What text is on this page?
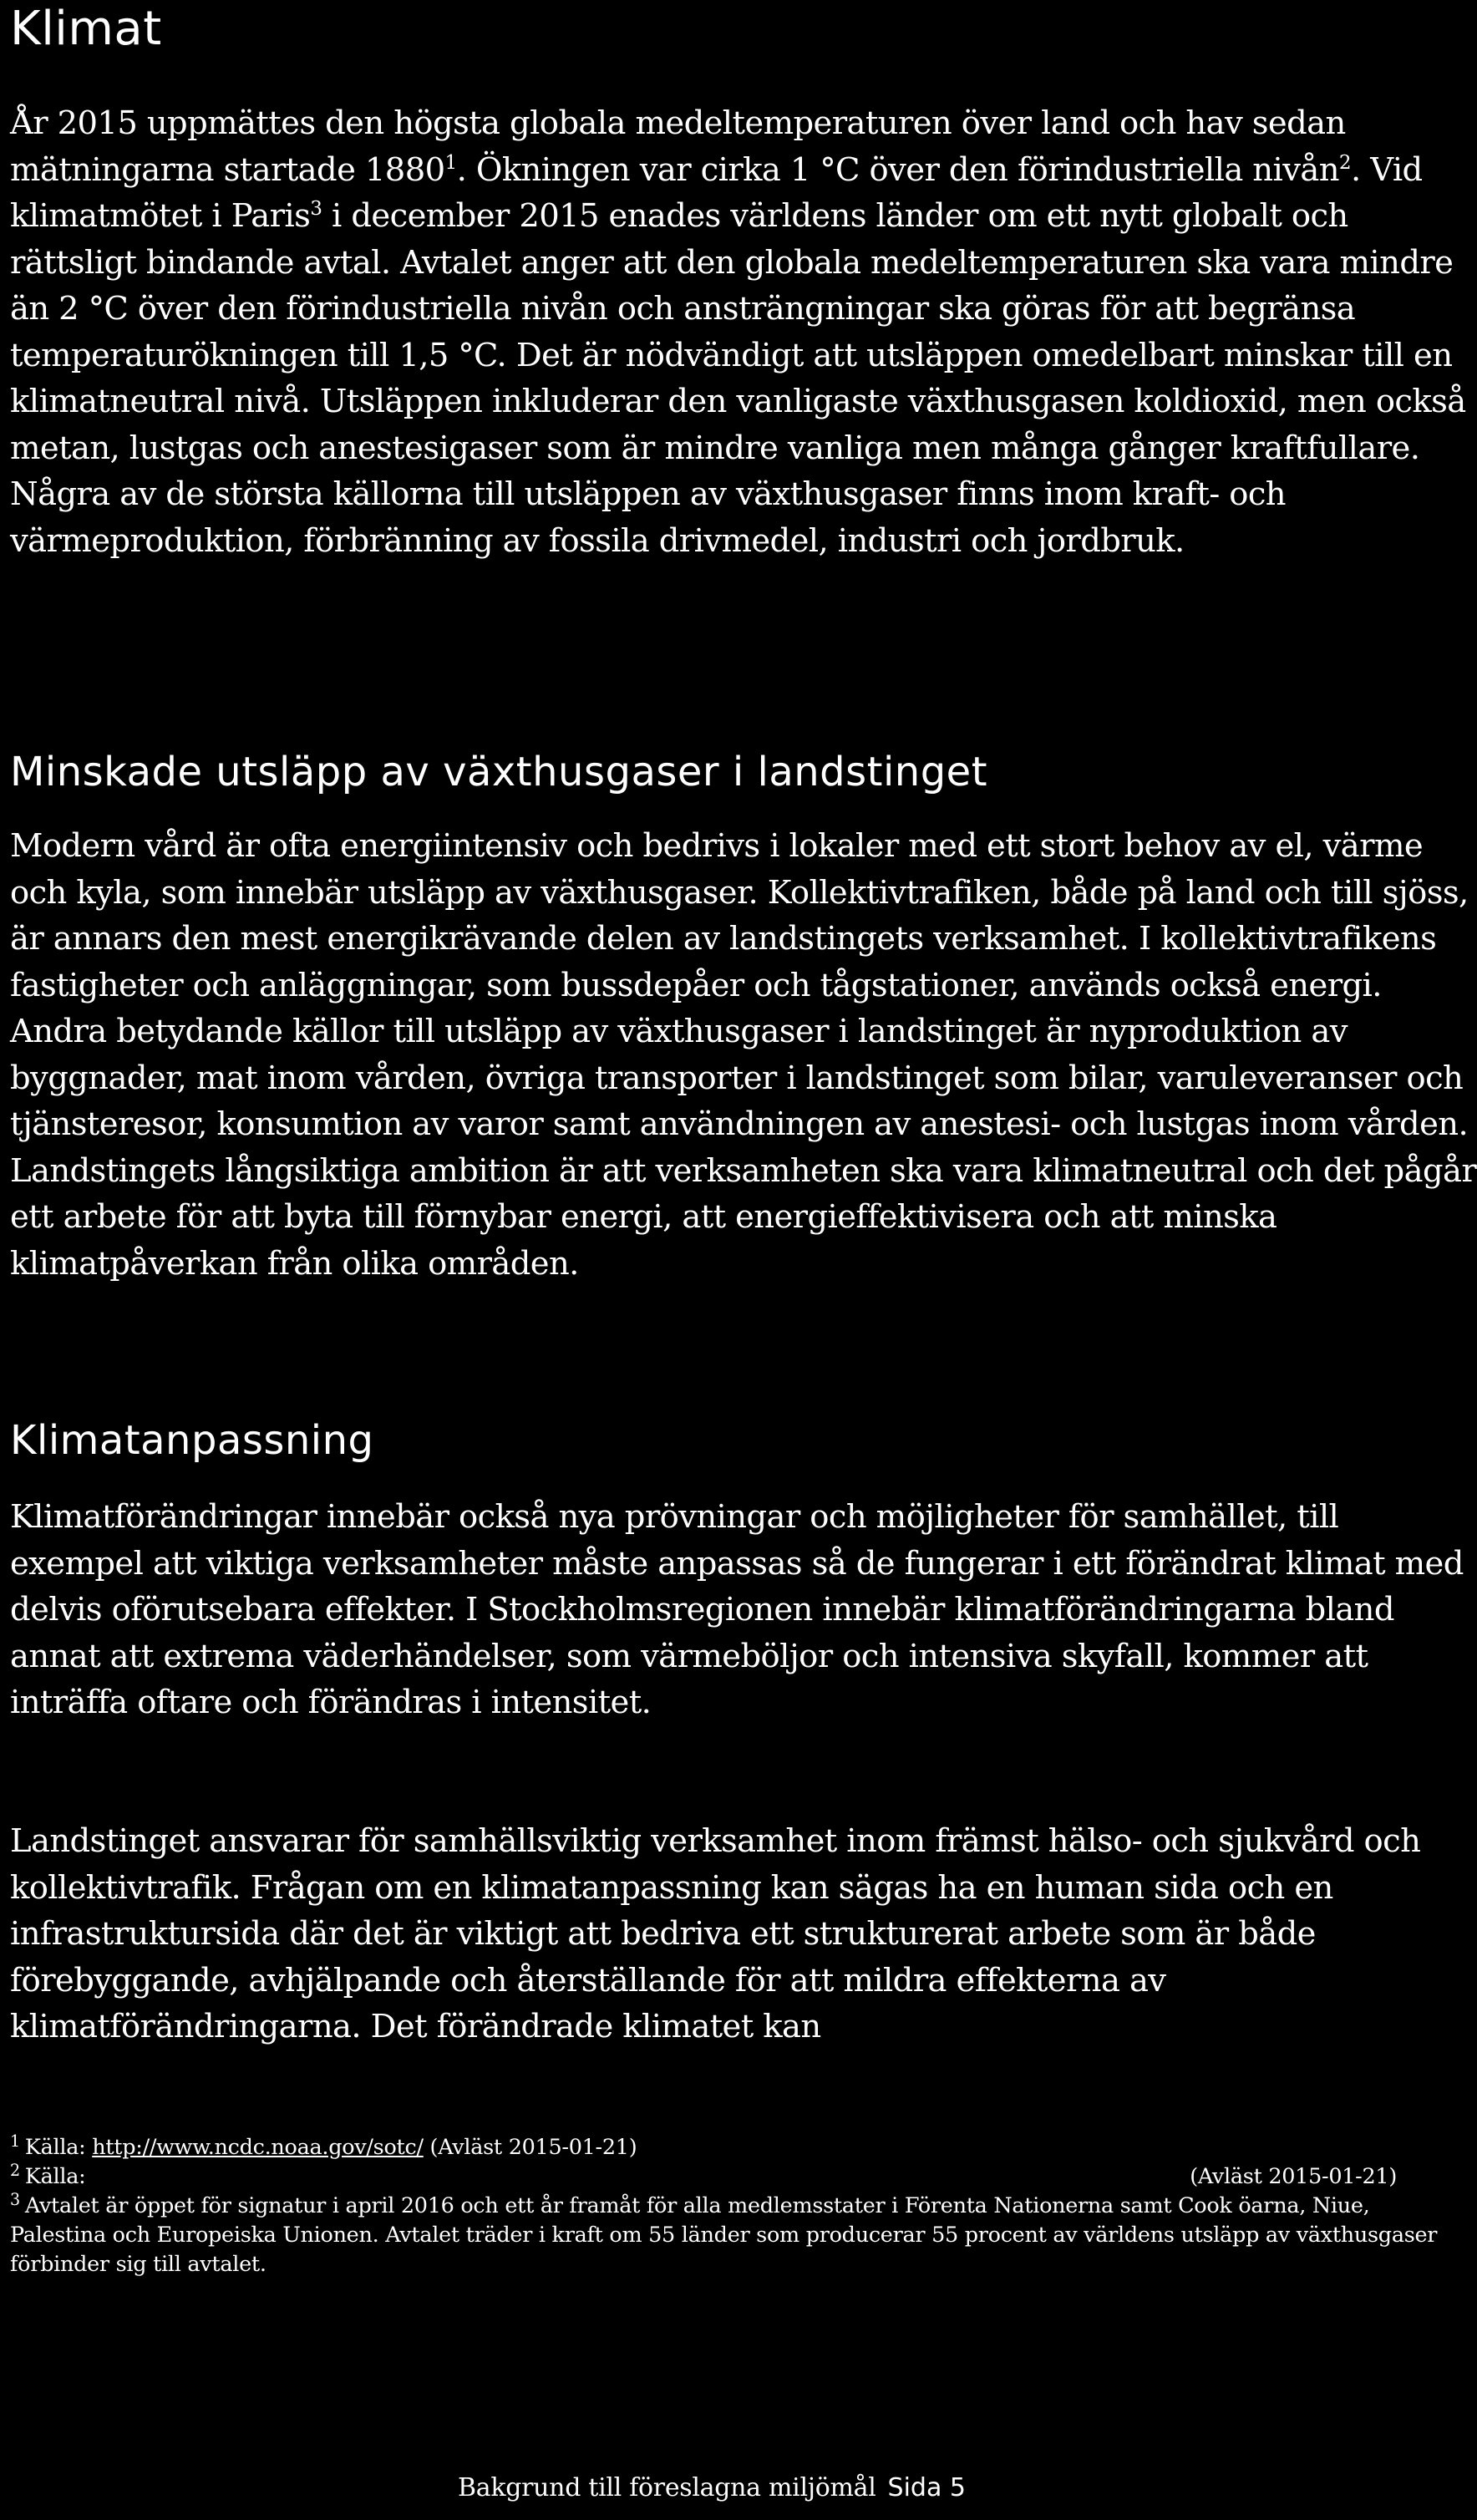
Klimat

År 2015 uppmättes den högsta globala medeltemperaturen över land och hav sedan mätningarna startade 1880$^1$. Ökningen var cirka 1 °C över den förindustriella nivån$^2$. Vid klimatmötet i Paris$^3$ i december 2015 enades världens länder om ett nytt globalt och rättsligt bindande avtal. Avtalet anger att den globala medeltemperaturen ska vara mindre än 2 °C över den förindustriella nivån och ansträngningar ska göras för att begränsa temperaturökningen till 1,5 °C. Det är nödvändigt att utsläppen omedelbart minskar till en klimatneutral nivå. Utsläppen inkluderar den vanligaste växthusgasen koldioxid, men också metan, lustgas och anestesigaser som är mindre vanliga men många gånger kraftfullare. Några av de största källorna till utsläppen av växthusgaser finns inom kraft- och värmeproduktion, förbränning av fossila drivmedel, industri och jordbruk.

Minskade utsläpp av växthusgaser i landstinget

Modern vård är ofta energiintensiv och bedrivs i lokaler med ett stort behov av el, värme och kyla, som innebär utsläpp av växthusgaser. Kollektivtrafiken, både på land och till sjöss, är annars den mest energikrävande delen av landstingets verksamhet. I kollektivtrafikens fastigheter och anläggningar, som bussdepåer och tågstationer, används också energi. Andra betydande källor till utsläpp av växthusgaser i landstinget är nyproduktion av byggnader, mat inom vården, övriga transporter i landstinget som bilar, varuleveranser och tjänsteresor, konsumtion av varor samt användningen av anestesi- och lustgas inom vården. Landstingets långsiktiga ambition är att verksamheten ska vara klimatneutral och det pågår ett arbete för att byta till förnybar energi, att energieffektivisera och att minska klimatpåverkan från olika områden.

Klimatanpassning

Klimatförändringar innebär också nya prövningar och möjligheter för samhället, till exempel att viktiga verksamheter måste anpassas så de fungerar i ett förändrat klimat med delvis oförutsebara effekter. I Stockholmsregionen innebär klimatförändringarna bland annat att extrema väderhändelser, som värmeböljor och intensiva skyfall, kommer att inträffa oftare och förändras i intensitet.

Landstinget ansvarar för samhällsviktig verksamhet inom främst hälso- och sjukvård och kollektivtrafik. Frågan om en klimatanpassning kan sägas ha en human sida och en infrastruktursida där det är viktigt att bedriva ett strukturerat arbete som är både förebyggande, avhjälpande och återställande för att mildra effekterna av klimatförändringarna. Det förändrade klimatet kan

$^1$ Källa: http://www.ncdc.noaa.gov/sotc/ (Avläst 2015-01-21)
$^2$ Källa:	(Avläst 2015-01-21)
$^3$ Avtalet är öppet för signatur i april 2016 och ett år framåt för alla medlemsstater i Förenta Nationerna samt Cook öarna, Niue, Palestina och Europeiska Unionen. Avtalet träder i kraft om 55 länder som producerar 55 procent av världens utsläpp av växthusgaser förbinder sig till avtalet.
Bakgrund till föreslagna miljömål Sida 5
